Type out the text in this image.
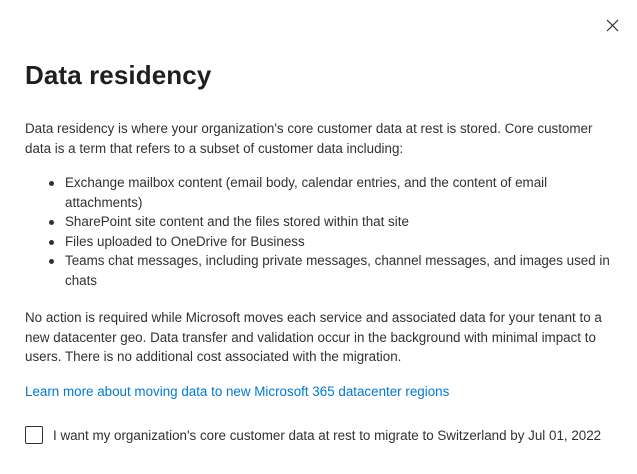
Data residency

Data residency is where your organization's core customer data at rest is stored. Core customer data is a term that refers to a subset of customer data including:

Exchange mailbox content (email body, calendar entries, and the content of email attachments)
SharePoint site content and the files stored within that site
Files uploaded to OneDrive for Business
Teams chat messages, including private messages, channel messages, and images used in chats

No action is required while Microsoft moves each service and associated data for your tenant to a new datacenter geo. Data transfer and validation occur in the background with minimal impact to users. There is no additional cost associated with the migration.

Learn more about moving data to new Microsoft 365 datacenter regions
I want my organization's core customer data at rest to migrate to Switzerland by Jul 01, 2022
